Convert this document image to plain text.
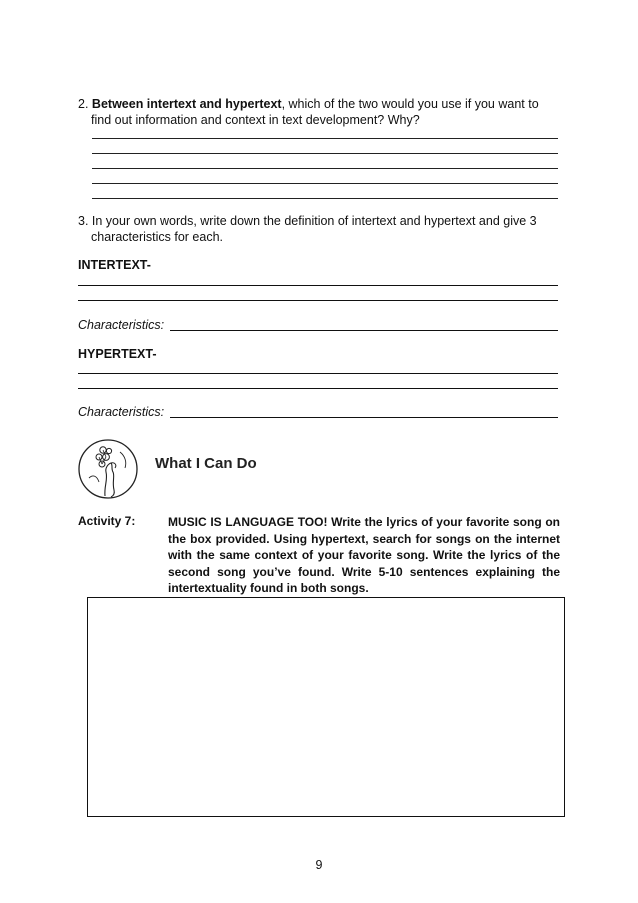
2. Between intertext and hypertext, which of the two would you use if you want to
find out information and context in text development? Why?
3. In your own words, write down the definition of intertext and hypertext and give 3
characteristics for each.
INTERTEXT-
Characteristics:
HYPERTEXT-
Characteristics:
What I Can Do
Activity 7:	MUSIC IS LANGUAGE TOO! Write the lyrics of your favorite song on the box provided. Using hypertext, search for songs on the internet with the same context of your favorite song. Write the lyrics of the second song you’ve found. Write 5-10 sentences explaining the intertextuality found in both songs.
9
